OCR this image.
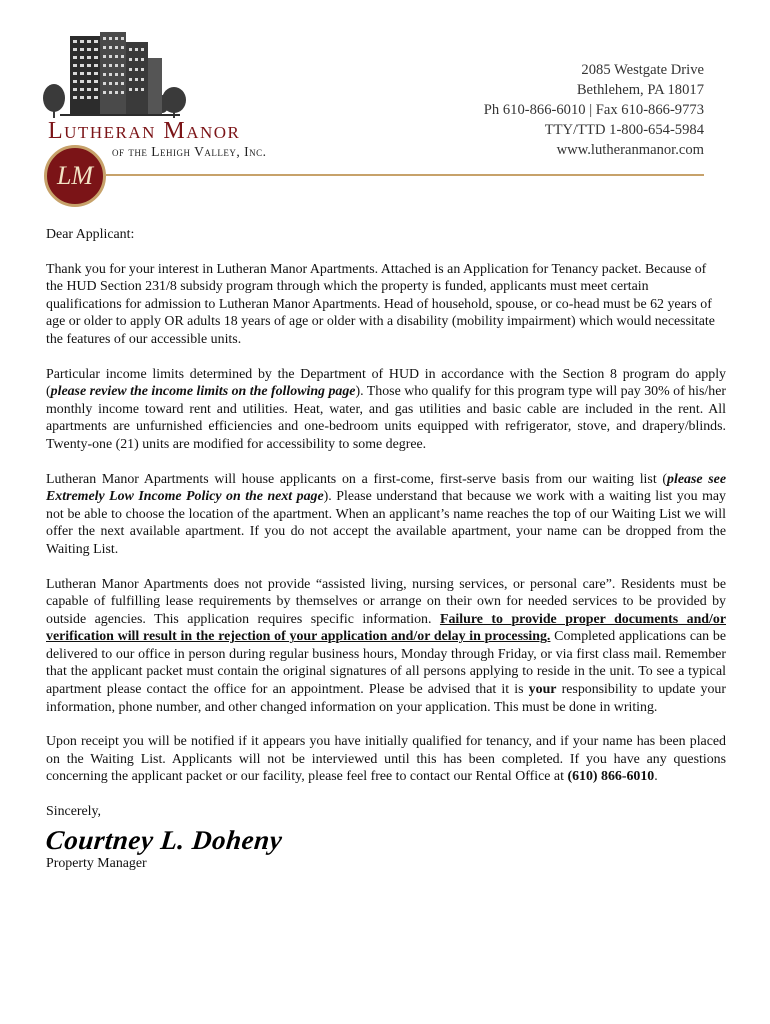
Lutheran Manor
of the Lehigh Valley, Inc.
LM
2085 Westgate Drive
Bethlehem, PA 18017
Ph 610-866-6010 | Fax 610-866-9773
TTY/TTD 1-800-654-5984
www.lutheranmanor.com

Dear Applicant:

Thank you for your interest in Lutheran Manor Apartments. Attached is an Application for Tenancy packet. Because of the HUD Section 231/8 subsidy program through which the property is funded, applicants must meet certain qualifications for admission to Lutheran Manor Apartments. Head of household, spouse, or co-head must be 62 years of age or older to apply OR adults 18 years of age or older with a disability (mobility impairment) which would necessitate the features of our accessible units.

Particular income limits determined by the Department of HUD in accordance with the Section 8 program do apply (please review the income limits on the following page). Those who qualify for this program type will pay 30% of his/her monthly income toward rent and utilities. Heat, water, and gas utilities and basic cable are included in the rent. All apartments are unfurnished efficiencies and one-bedroom units equipped with refrigerator, stove, and drapery/blinds. Twenty-one (21) units are modified for accessibility to some degree.

Lutheran Manor Apartments will house applicants on a first-come, first-serve basis from our waiting list (please see Extremely Low Income Policy on the next page). Please understand that because we work with a waiting list you may not be able to choose the location of the apartment. When an applicant’s name reaches the top of our Waiting List we will offer the next available apartment. If you do not accept the available apartment, your name can be dropped from the Waiting List.

Lutheran Manor Apartments does not provide “assisted living, nursing services, or personal care”. Residents must be capable of fulfilling lease requirements by themselves or arrange on their own for needed services to be provided by outside agencies. This application requires specific information. Failure to provide proper documents and/or verification will result in the rejection of your application and/or delay in processing. Completed applications can be delivered to our office in person during regular business hours, Monday through Friday, or via first class mail. Remember that the applicant packet must contain the original signatures of all persons applying to reside in the unit. To see a typical apartment please contact the office for an appointment. Please be advised that it is your responsibility to update your information, phone number, and other changed information on your application. This must be done in writing.

Upon receipt you will be notified if it appears you have initially qualified for tenancy, and if your name has been placed on the Waiting List. Applicants will not be interviewed until this has been completed. If you have any questions concerning the applicant packet or our facility, please feel free to contact our Rental Office at (610) 866-6010.

Sincerely,

Courtney L. Doheny

Property Manager
